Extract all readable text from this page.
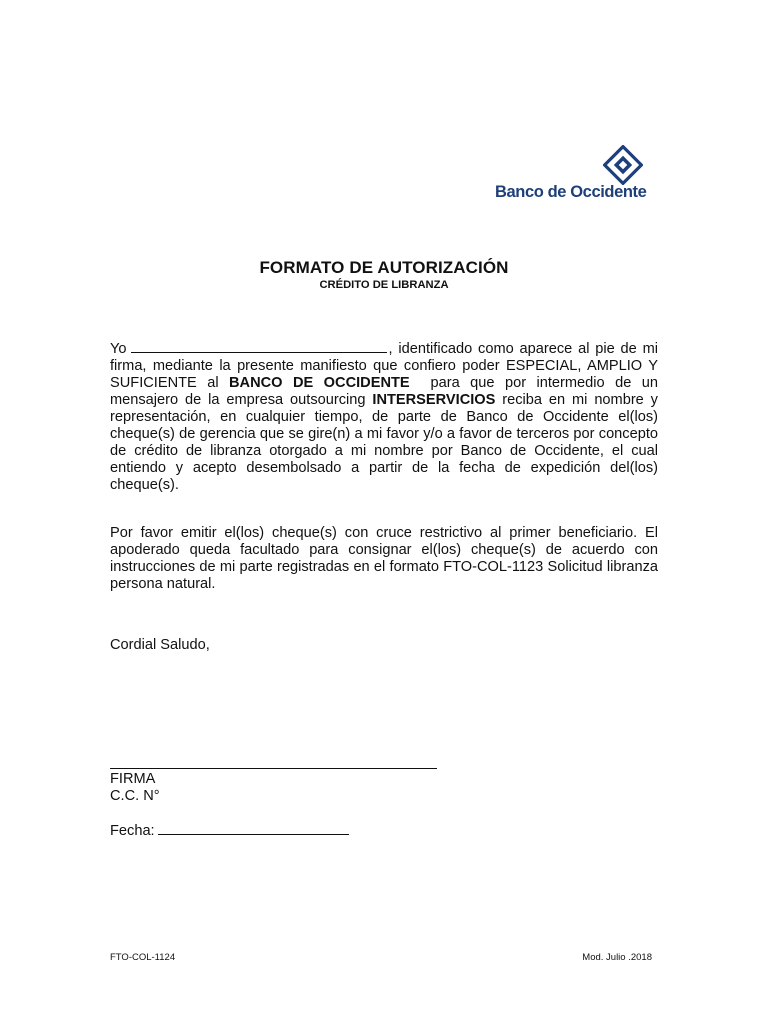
Banco de Occidente
FORMATO DE AUTORIZACIÓN
CRÉDITO DE LIBRANZA

Yo	, identificado como aparece al pie de mi firma, mediante la presente manifiesto que confiero poder ESPECIAL, AMPLIO Y SUFICIENTE al BANCO DE OCCIDENTE para que por intermedio de un mensajero de la empresa outsourcing INTERSERVICIOS reciba en mi nombre y representación, en cualquier tiempo, de parte de Banco de Occidente el(los) cheque(s) de gerencia que se gire(n) a mi favor y/o a favor de terceros por concepto de crédito de libranza otorgado a mi nombre por Banco de Occidente, el cual entiendo y acepto desembolsado a partir de la fecha de expedición del(los) cheque(s).

Por favor emitir el(los) cheque(s) con cruce restrictivo al primer beneficiario. El apoderado queda facultado para consignar el(los) cheque(s) de acuerdo con instrucciones de mi parte registradas en el formato FTO-COL-1123 Solicitud libranza persona natural.

Cordial Saludo,
FIRMA
C.C. N°
Fecha:
FTO-COL-1124	Mod. Julio .2018
